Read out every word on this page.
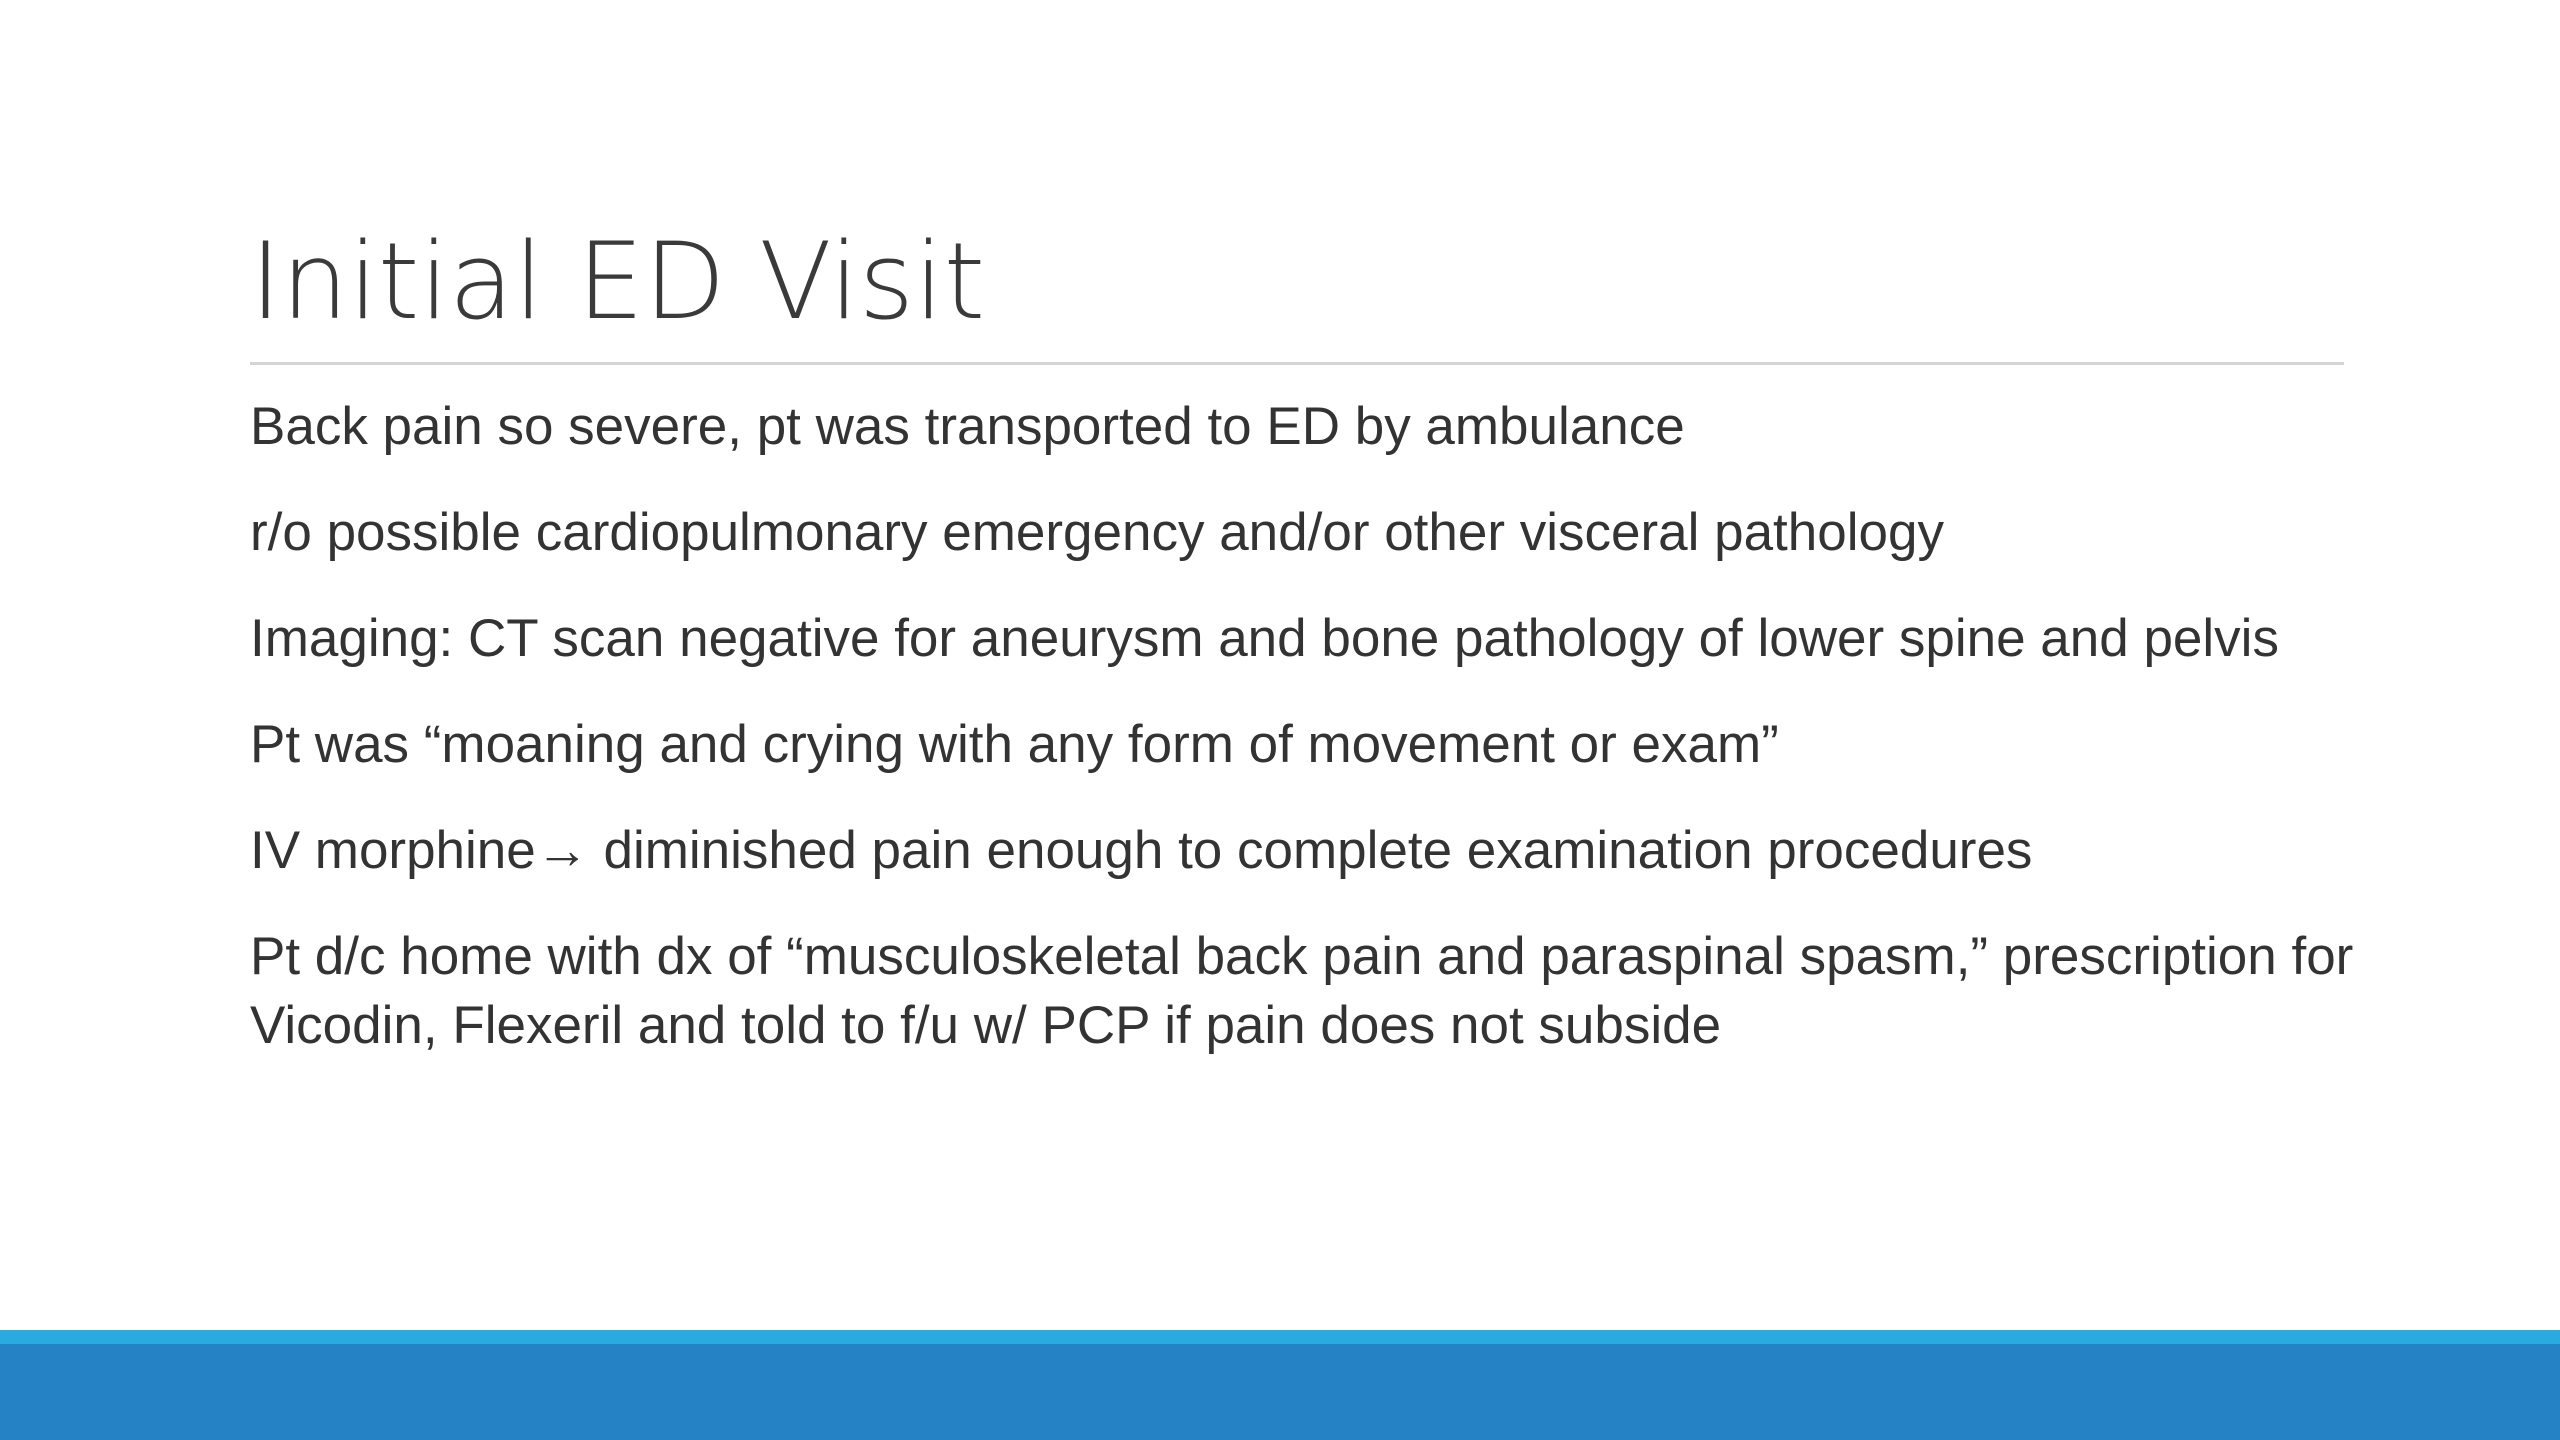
Initial ED Visit
Back pain so severe, pt was transported to ED by ambulance
r/o possible cardiopulmonary emergency and/or other visceral pathology
Imaging: CT scan negative for aneurysm and bone pathology of lower spine and pelvis
Pt was “moaning and crying with any form of movement or exam”
IV morphine→ diminished pain enough to complete examination procedures
Pt d/c home with dx of “musculoskeletal back pain and paraspinal spasm,” prescription for Vicodin, Flexeril and told to f/u w/ PCP if pain does not subside
